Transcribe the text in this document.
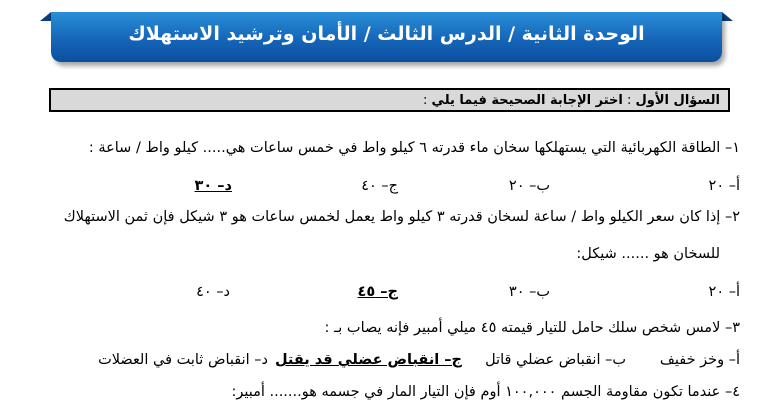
الوحدة الثانية / الدرس الثالث / الأمان وترشيد الاستهلاك
السؤال الأول : اختر الإجابة الصحيحة فيما يلي :
١– الطاقة الكهربائية التي يستهلكها سخان ماء قدرته ٦ كيلو واط في خمس ساعات هي..... كيلو واط / ساعة :
أ– ٢٠
ب– ٢٠
ج– ٤٠
د– ٣٠
٢– إذا كان سعر الكيلو واط / ساعة لسخان قدرته ٣ كيلو واط يعمل لخمس ساعات هو ٣ شيكل فإن ثمن الاستهلاك
للسخان هو ...... شيكل:
أ– ٢٠
ب– ٣٠
ج– ٤٥
د– ٤٠
٣– لامس شخص سلك حامل للتيار قيمته ٤٥ ميلي أمبير فإنه يصاب بـ :
أ– وخز خفيف
ب– انقباض عضلي قاتل
ج– انقباض عضلي قد يقتل
د– انقباض ثابت في العضلات
٤– عندما تكون مقاومة الجسم ١٠٠,٠٠٠ أوم فإن التيار المار في جسمه هو....... أمبير:
